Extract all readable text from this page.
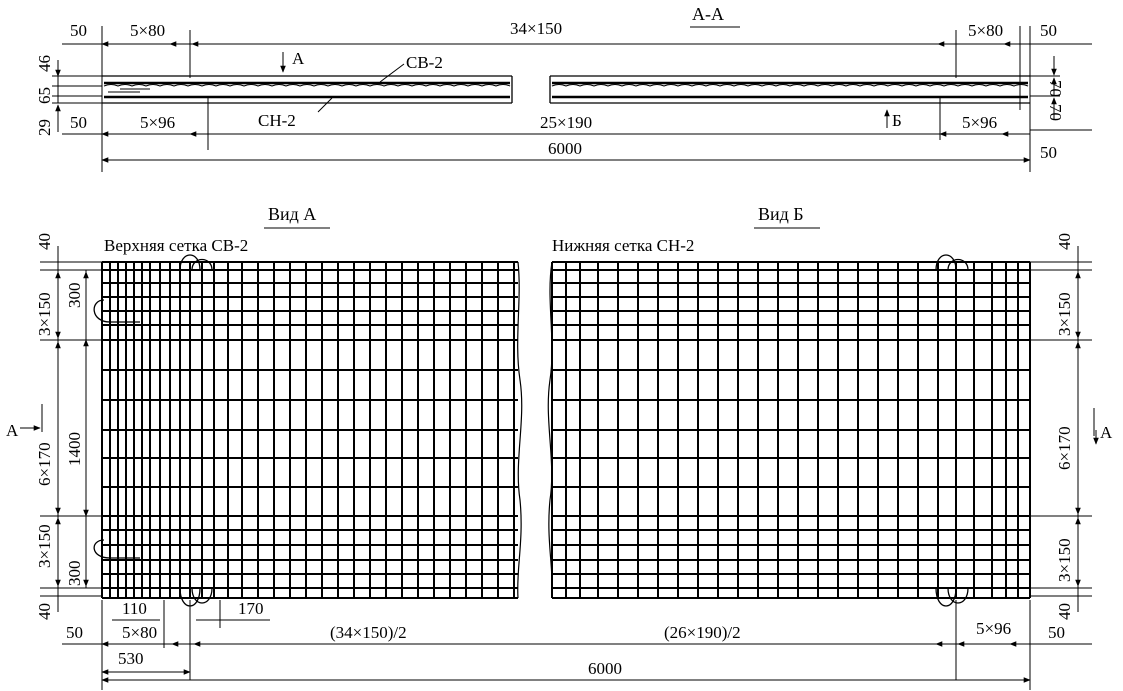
А-А
50	5×80	34×150	5×80 50
46
65
29
70
70
50
50	5×96	25×190	5×96
6000
СВ-2
СН-2
А
Б
Вид А
Верхняя сетка СВ-2
40
300
3×150
1400
6×170
3×150
300
40
А
110	170
50 5×80
530
Вид Б
Нижняя сетка СН-2	40
3×150
6×170
3×150
40
А
5×96 50
(34×150)/2	(26×190)/2
6000
